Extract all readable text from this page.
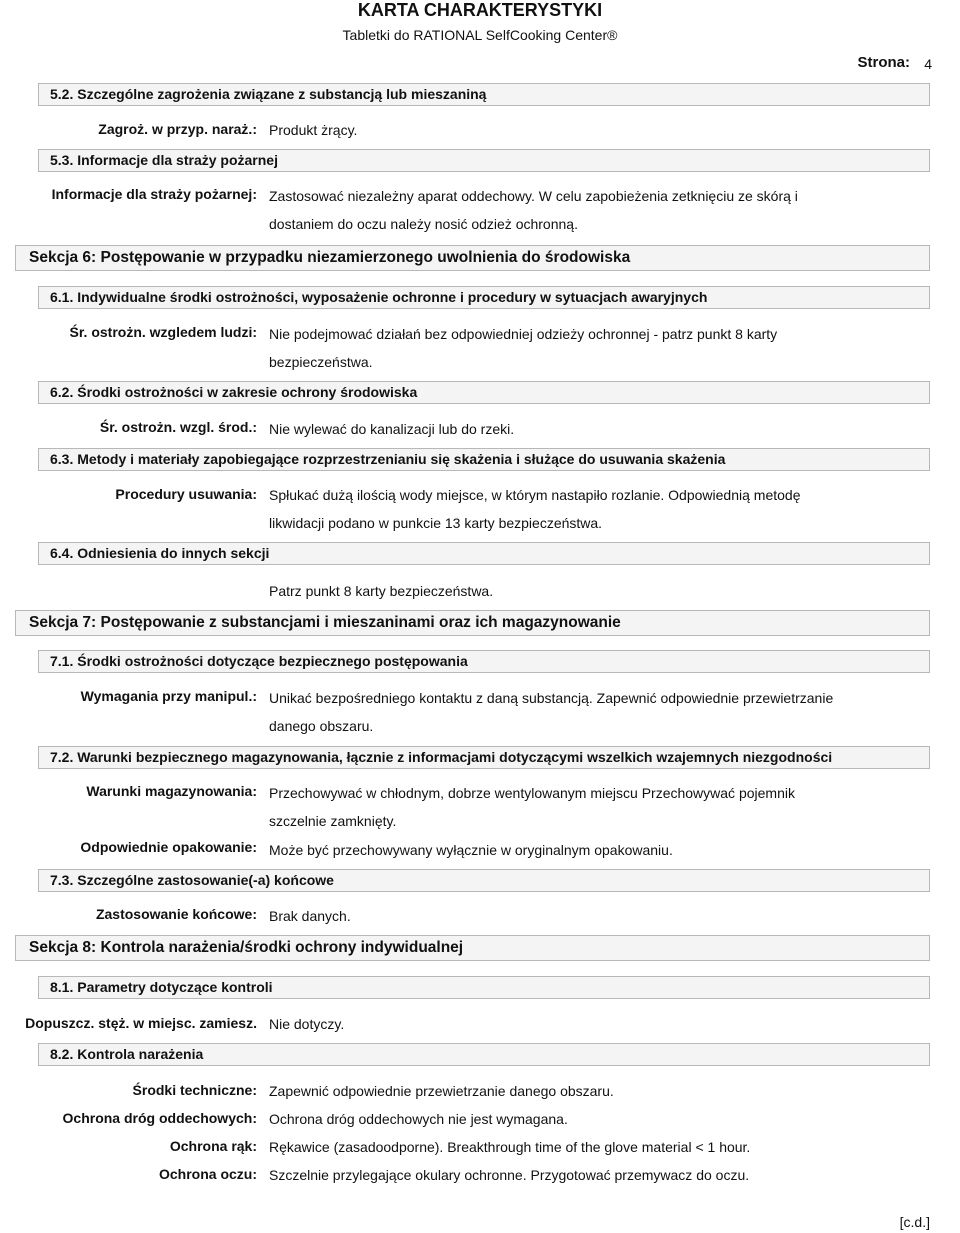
KARTA CHARAKTERYSTYKI
Tabletki do RATIONAL SelfCooking Center®
Strona: 4
5.2. Szczególne zagrożenia związane z substancją lub mieszaniną
Zagroż. w przyp. naraż.: Produkt żrący.
5.3. Informacje dla straży pożarnej
Informacje dla straży pożarnej: Zastosować niezależny aparat oddechowy. W celu zapobieżenia zetknięciu ze skórą i
dostaniem do oczu należy nosić odzież ochronną.
Sekcja 6: Postępowanie w przypadku niezamierzonego uwolnienia do środowiska
6.1. Indywidualne środki ostrożności, wyposażenie ochronne i procedury w sytuacjach awaryjnych
Śr. ostrożn. wzgledem ludzi: Nie podejmować działań bez odpowiedniej odzieży ochronnej - patrz punkt 8 karty
bezpieczeństwa.
6.2. Środki ostrożności w zakresie ochrony środowiska
Śr. ostrożn. wzgl. środ.: Nie wylewać do kanalizacji lub do rzeki.
6.3. Metody i materiały zapobiegające rozprzestrzenianiu się skażenia i służące do usuwania skażenia
Procedury usuwania: Spłukać dużą ilością wody miejsce, w którym nastapiło rozlanie. Odpowiednią metodę
likwidacji podano w punkcie 13 karty bezpieczeństwa.
6.4. Odniesienia do innych sekcji
Patrz punkt 8 karty bezpieczeństwa.
Sekcja 7: Postępowanie z substancjami i mieszaninami oraz ich magazynowanie
7.1. Środki ostrożności dotyczące bezpiecznego postępowania
Wymagania przy manipul.: Unikać bezpośredniego kontaktu z daną substancją. Zapewnić odpowiednie przewietrzanie
danego obszaru.
7.2. Warunki bezpiecznego magazynowania, łącznie z informacjami dotyczącymi wszelkich wzajemnych niezgodności
Warunki magazynowania: Przechowywać w chłodnym, dobrze wentylowanym miejscu Przechowywać pojemnik
szczelnie zamknięty.
Odpowiednie opakowanie: Może być przechowywany wyłącznie w oryginalnym opakowaniu.
7.3. Szczególne zastosowanie(-a) końcowe
Zastosowanie końcowe: Brak danych.
Sekcja 8: Kontrola narażenia/środki ochrony indywidualnej
8.1. Parametry dotyczące kontroli
Dopuszcz. stęż. w miejsc. zamiesz. Nie dotyczy.
8.2. Kontrola narażenia
Środki techniczne: Zapewnić odpowiednie przewietrzanie danego obszaru.
Ochrona dróg oddechowych: Ochrona dróg oddechowych nie jest wymagana.
Ochrona rąk: Rękawice (zasadoodporne). Breakthrough time of the glove material < 1 hour.
Ochrona oczu: Szczelnie przylegające okulary ochronne. Przygotować przemywacz do oczu.
[c.d.]
